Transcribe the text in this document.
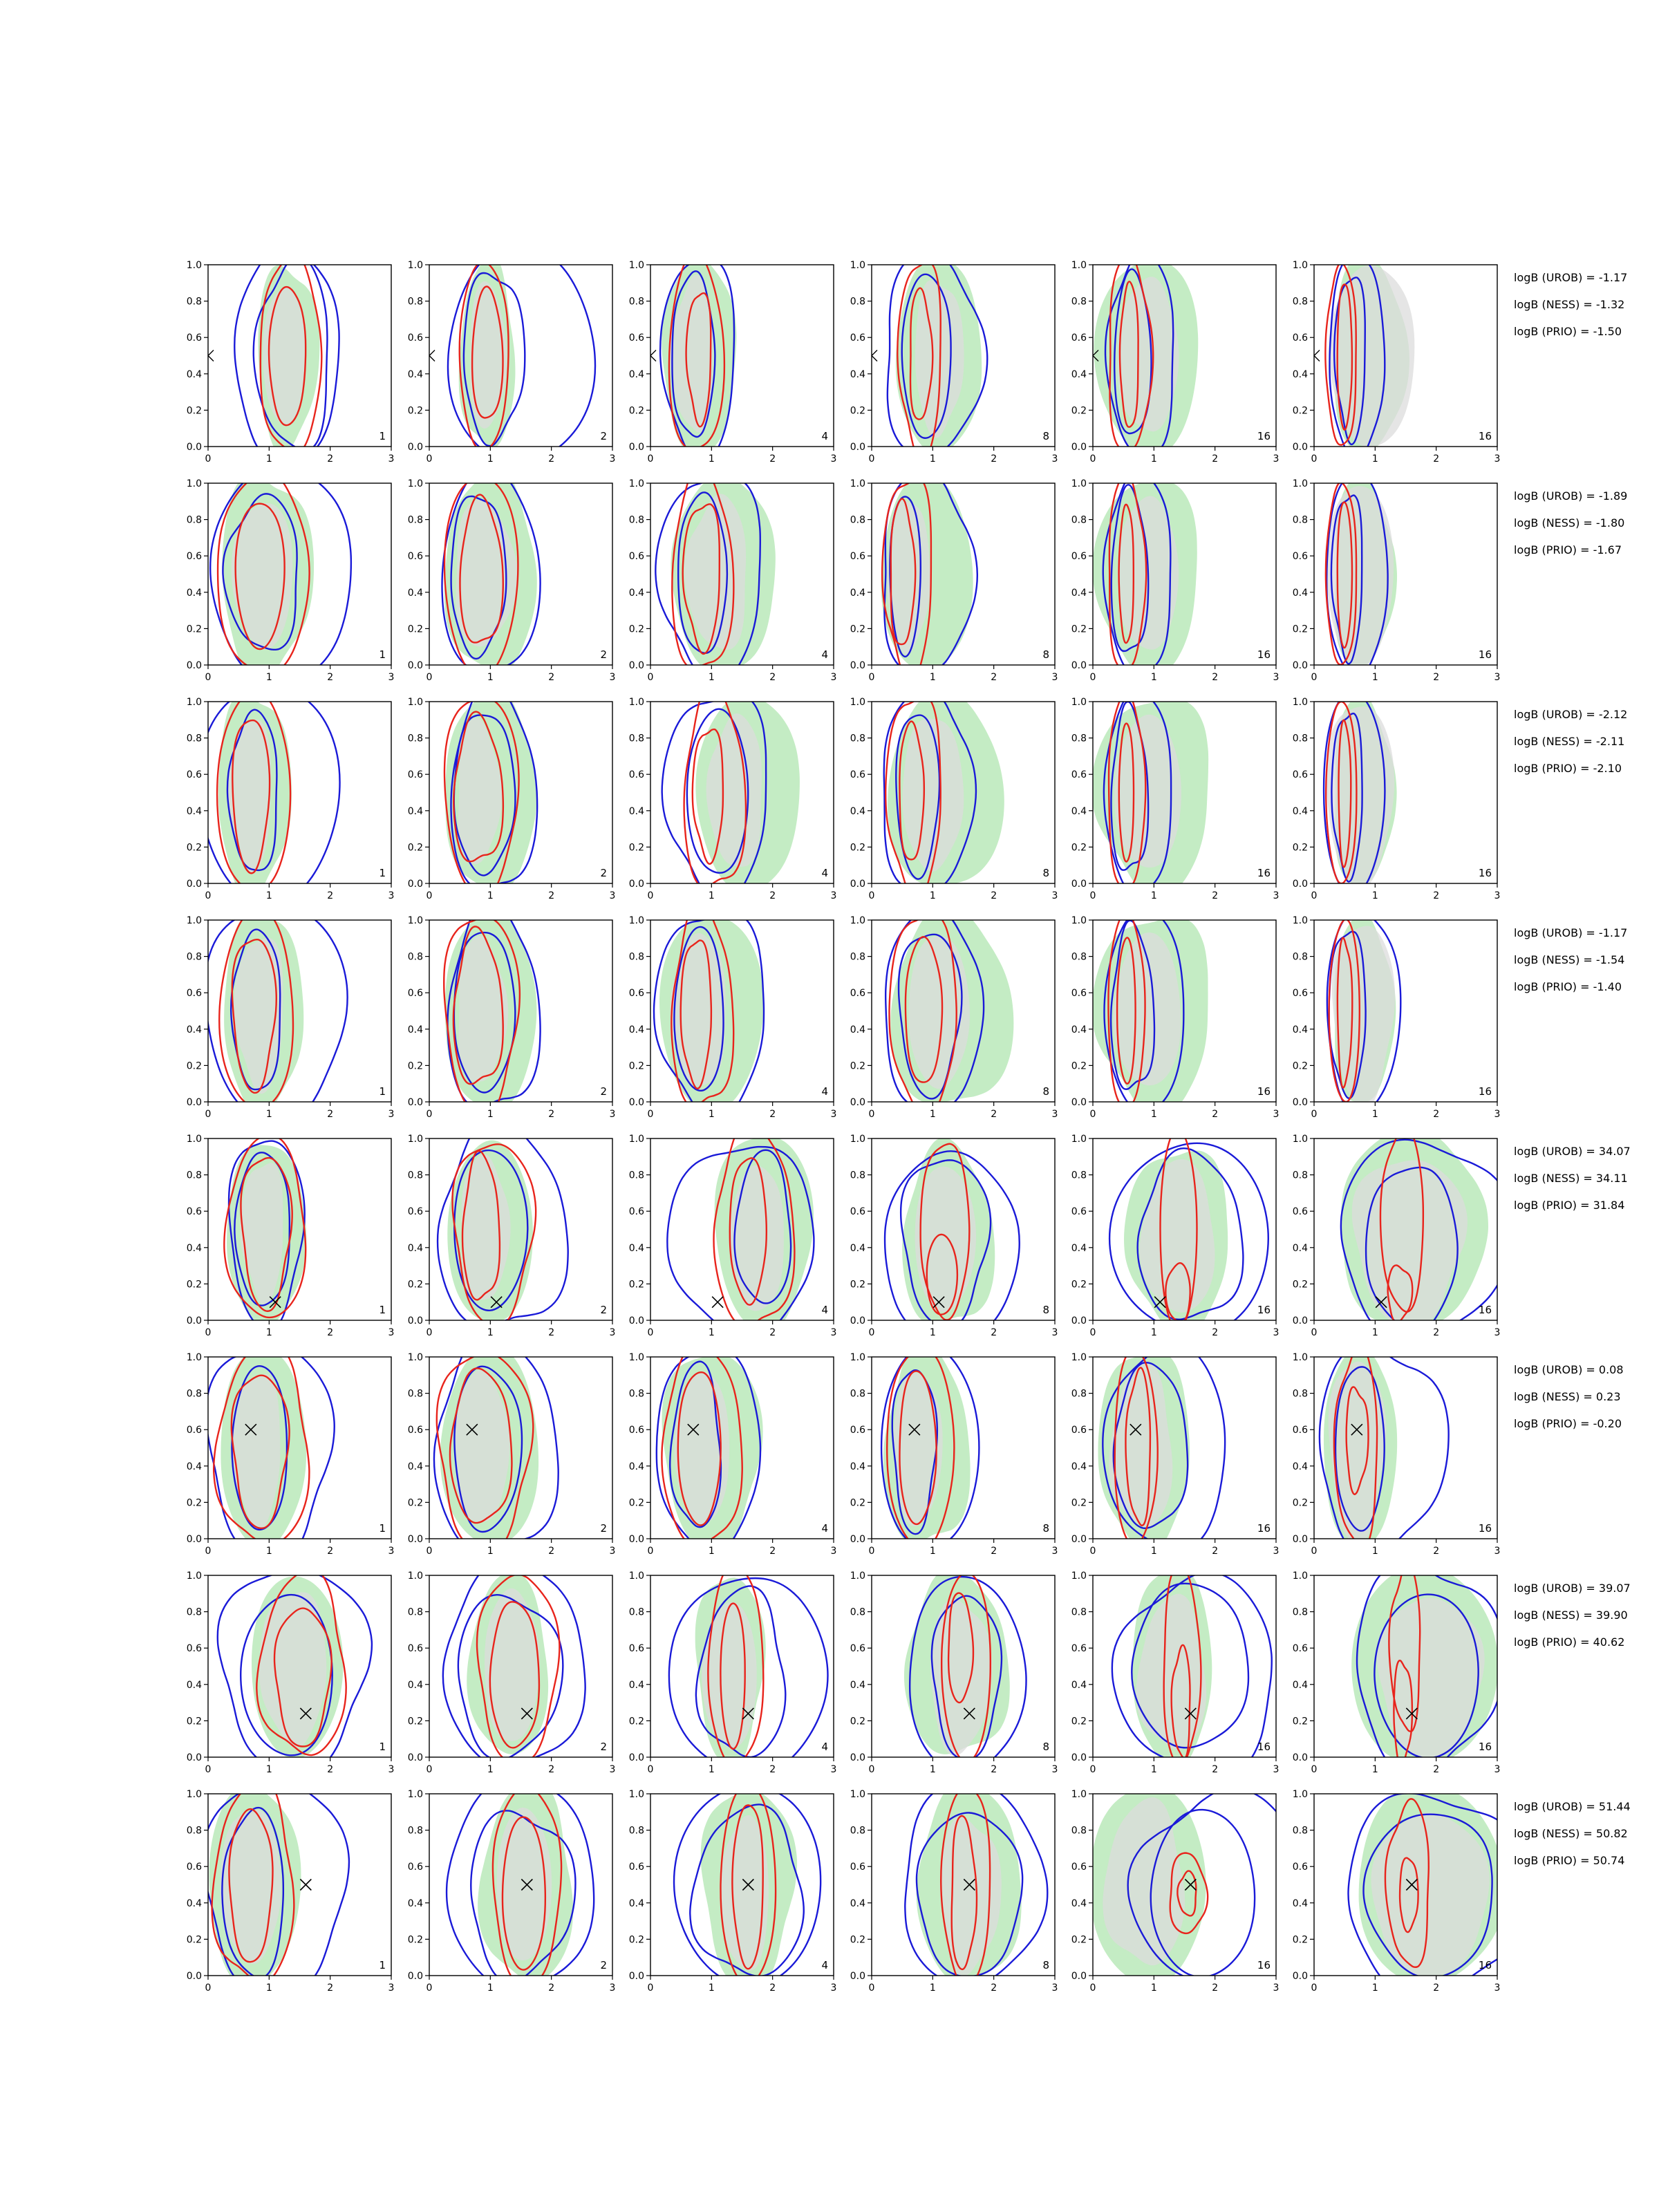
0.0
0.2
0.4
0.6
0.8
1.0
0	1	2	3
1
0.0
0.2
0.4
0.6
0.8
1.0
0	1	2	3
2
0.0
0.2
0.4
0.6
0.8
1.0
0	1	2	3
4
0.0
0.2
0.4
0.6
0.8
1.0
0	1	2	3
8
0.0
0.2
0.4
0.6
0.8
1.0
0	1	2	3
16
0.0
0.2
0.4
0.6
0.8
1.0
0	1	2	3
16
0.0
0.2
0.4
0.6
0.8
1.0
0	1	2	3
1
0.0
0.2
0.4
0.6
0.8
1.0
0	1	2	3
2
0.0
0.2
0.4
0.6
0.8
1.0
0	1	2	3
4
0.0
0.2
0.4
0.6
0.8
1.0
0	1	2	3
8
0.0
0.2
0.4
0.6
0.8
1.0
0	1	2	3
16
0.0
0.2
0.4
0.6
0.8
1.0
0	1	2	3
16
0.0
0.2
0.4
0.6
0.8
1.0
0	1	2	3
1
0.0
0.2
0.4
0.6
0.8
1.0
0	1	2	3
2
0.0
0.2
0.4
0.6
0.8
1.0
0	1	2	3
4
0.0
0.2
0.4
0.6
0.8
1.0
0	1	2	3
8
0.0
0.2
0.4
0.6
0.8
1.0
0	1	2	3
16
0.0
0.2
0.4
0.6
0.8
1.0
0	1	2	3
16
0.0
0.2
0.4
0.6
0.8
1.0
0	1	2	3
1
0.0
0.2
0.4
0.6
0.8
1.0
0	1	2	3
2
0.0
0.2
0.4
0.6
0.8
1.0
0	1	2	3
4
0.0
0.2
0.4
0.6
0.8
1.0
0	1	2	3
8
0.0
0.2
0.4
0.6
0.8
1.0
0	1	2	3
16
0.0
0.2
0.4
0.6
0.8
1.0
0	1	2	3
16
0.0
0.2
0.4
0.6
0.8
1.0
0	1	2	3
1
0.0
0.2
0.4
0.6
0.8
1.0
0	1	2	3
2
0.0
0.2
0.4
0.6
0.8
1.0
0	1	2	3
4
0.0
0.2
0.4
0.6
0.8
1.0
0	1	2	3
8
0.0
0.2
0.4
0.6
0.8
1.0
0	1	2	3
16
0.0
0.2
0.4
0.6
0.8
1.0
0	1	2	3
16
0.0
0.2
0.4
0.6
0.8
1.0
0	1	2	3
1
0.0
0.2
0.4
0.6
0.8
1.0
0	1	2	3
2
0.0
0.2
0.4
0.6
0.8
1.0
0	1	2	3
4
0.0
0.2
0.4
0.6
0.8
1.0
0	1	2	3
8
0.0
0.2
0.4
0.6
0.8
1.0
0	1	2	3
16
0.0
0.2
0.4
0.6
0.8
1.0
0	1	2	3
16
0.0
0.2
0.4
0.6
0.8
1.0
0	1	2	3
1
0.0
0.2
0.4
0.6
0.8
1.0
0	1	2	3
2
0.0
0.2
0.4
0.6
0.8
1.0
0	1	2	3
4
0.0
0.2
0.4
0.6
0.8
1.0
0	1	2	3
8
0.0
0.2
0.4
0.6
0.8
1.0
0	1	2	3
16
0.0
0.2
0.4
0.6
0.8
1.0
0	1	2	3
16
0.0
0.2
0.4
0.6
0.8
1.0
0	1	2	3
1
0.0
0.2
0.4
0.6
0.8
1.0
0	1	2	3
2
0.0
0.2
0.4
0.6
0.8
1.0
0	1	2	3
4
0.0
0.2
0.4
0.6
0.8
1.0
0	1	2	3
8
0.0
0.2
0.4
0.6
0.8
1.0
0	1	2	3
16
0.0
0.2
0.4
0.6
0.8
1.0
0	1	2	3
16
logB (UROB) = -1.17
logB (NESS) = -1.32
logB (PRIO) = -1.50
logB (UROB) = -1.89
logB (NESS) = -1.80
logB (PRIO) = -1.67
logB (UROB) = -2.12
logB (NESS) = -2.11
logB (PRIO) = -2.10
logB (UROB) = -1.17
logB (NESS) = -1.54
logB (PRIO) = -1.40
logB (UROB) = 34.07
logB (NESS) = 34.11
logB (PRIO) = 31.84
logB (UROB) = 0.08
logB (NESS) = 0.23
logB (PRIO) = -0.20
logB (UROB) = 39.07
logB (NESS) = 39.90
logB (PRIO) = 40.62
logB (UROB) = 51.44
logB (NESS) = 50.82
logB (PRIO) = 50.74
